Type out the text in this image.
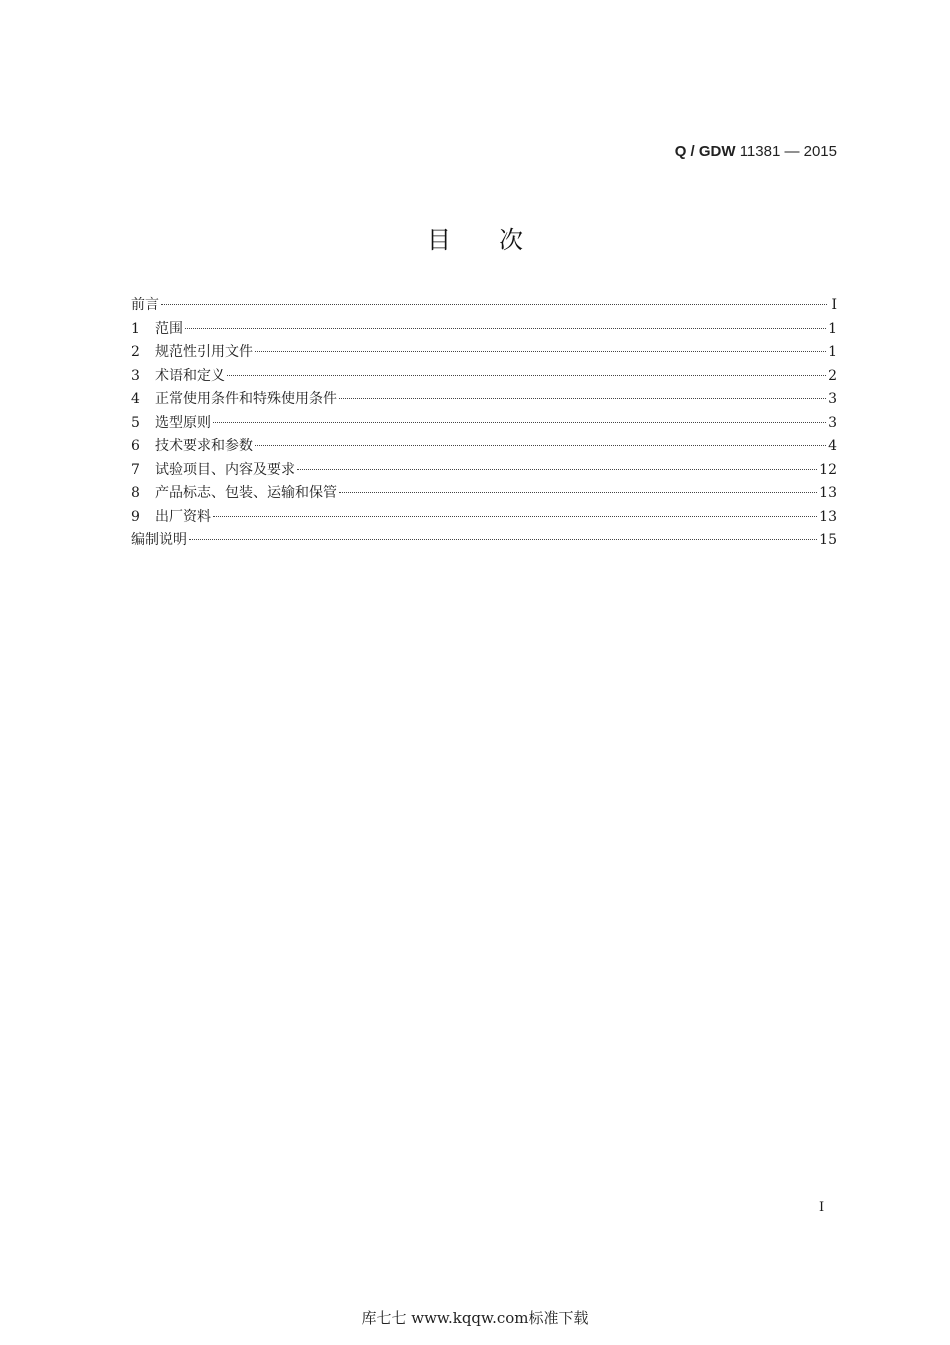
Q / GDW 11381 — 2015
目次
前言	I
1	范围	1
2	规范性引用文件	1
3	术语和定义	2
4	正常使用条件和特殊使用条件	3
5	选型原则	3
6	技术要求和参数	4
7	试验项目、内容及要求	12
8	产品标志、包装、运输和保管	13
9	出厂资料	13
编制说明	15
I
库七七 www.kqqw.com标准下载
